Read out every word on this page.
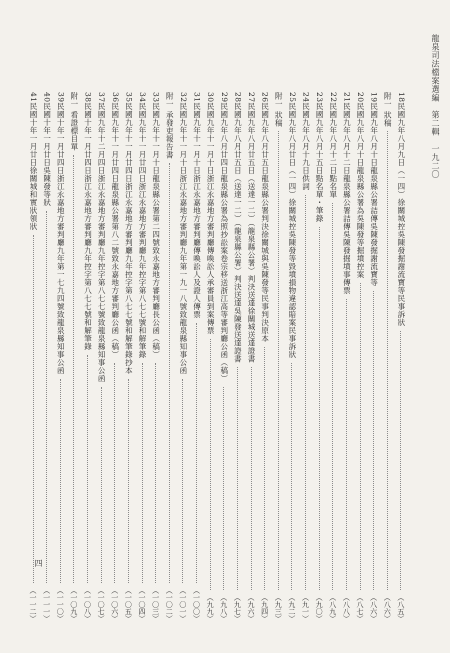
龍泉司法檔案選編　第二輯　一九二〇
18民國九年八月九日（一四）徐關城控吳陳發掘謝流寶等民事訴狀
（八五）
附一 狀稿
（八六）
19民國九年八月十日龍泉縣公署詰傳吳陳發掘謝流寶等
（八六）
20民國九年八月十日龍泉縣公署為吳陳發等掘墳控案
（八七）
21民國九年八月十二日龍泉縣公署詰傳吳陳發掘墳事傳票
（八八）
22民國九年八月十二日點名單
（八九）
23民國九年八月十五日點名單・筆錄
（九〇）
24民國九年八月十九日供詞
（九一）
25民國九年八月廿日（一四）徐關城控吳陳發等毀墳損物違認賠案民事訴狀
（九二）
附一 狀稿
（九三）
26民國九年八月廿五日龍泉縣公署判決徐關城與吳陳發等民事判決原本
（九四）
27民國九年八月廿五日（送達一二）（龍泉縣公署）判決送達徐關城送達證書
（九六）
28民國九年八月廿五日（送達一二）（龍泉縣公署）判決送達吳陳發送達證書
（九七）
29民國九年八月廿四日龍泉縣公署為照抄訟案卷宗移送浙江高等審判廳公函（稿）
（九八）
30民國九年十一月十日浙江永嘉地方審判廳傳喚訟人承審員到案傳票
（九九）
31民國九年十一月十日浙江永嘉地方審判廳傳喚訟人及證人傳票
（一〇〇）
32民國九年十一月十日浙江永嘉地方審判廳九年第一九一八號致龍泉縣知事公函
（一〇一）
附一 承發吏報告書
（一〇二）
33民國九年十一月十日龍泉縣公署第二四號致永嘉地方審判廳長公函（稿）
（一〇三）
34民國九年十一月廿四日浙江永嘉地方審判廳九年控字第八七七號和解筆錄
（一〇四）
35民國九年十一月廿四日浙江永嘉地方審判廳九年控字第八七七號和解筆錄抄本
（一〇五）
36民國九年十一月廿四日龍泉縣公署第八二號致永嘉地方審判廳公函（稿）
（一〇六）
37民國九年十二月四日浙江永嘉地方審判廳九年控字第八七七號致龍泉縣知事公函
（一〇七）
38民國十年一月廿四日浙江永嘉地方審判廳九年控字第八七七號和解筆錄
（一〇八）
附一 看證標目單
（一〇九）
39民國十年一月廿四日浙江永嘉地方審判廳九年第一七九四號致龍泉縣知事公函
（一一〇）
40民國十年一月廿日吳陳發等狀
（一一一）
41民國十年一月廿日徐關城和實狀領狀
（一一二）
四
